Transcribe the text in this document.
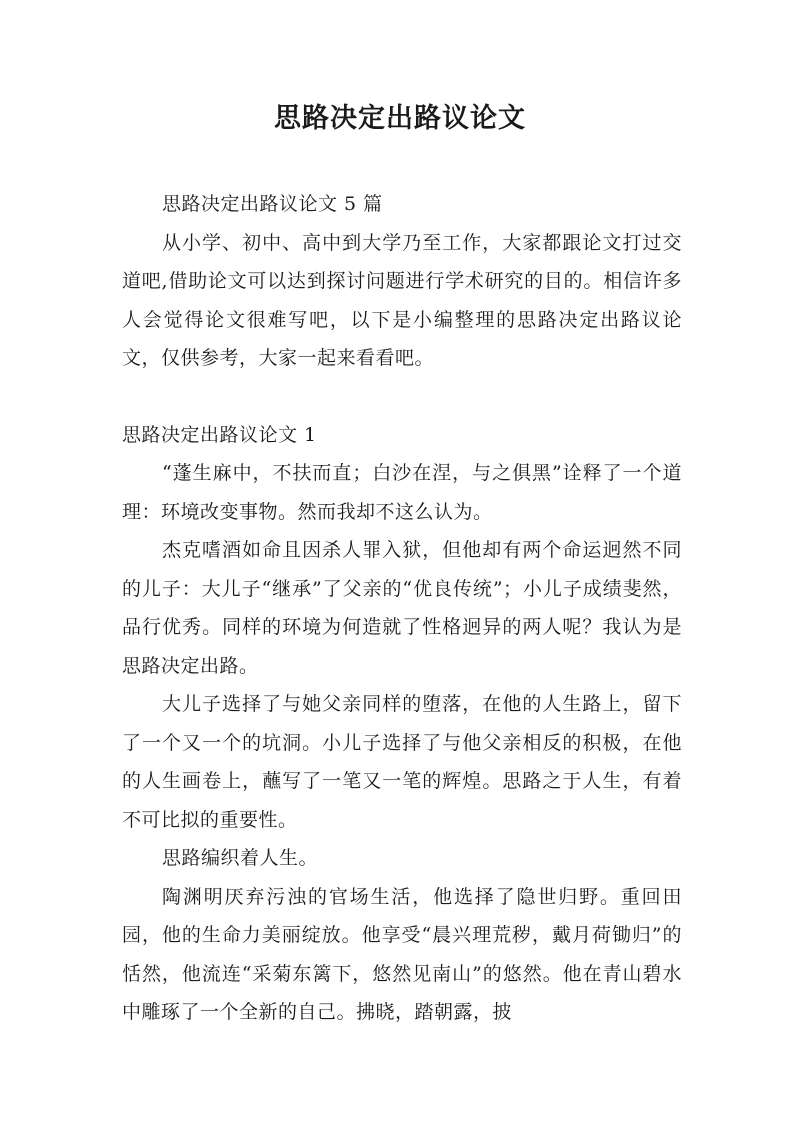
思路决定出路议论文

思路决定出路议论文 5 篇

从小学、初中、高中到大学乃至工作，大家都跟论文打过交道吧,借助论文可以达到探讨问题进行学术研究的目的。相信许多人会觉得论文很难写吧，以下是小编整理的思路决定出路议论文，仅供参考，大家一起来看看吧。

思路决定出路议论文 1

“蓬生麻中，不扶而直；白沙在涅，与之俱黑”诠释了一个道理：环境改变事物。然而我却不这么认为。

杰克嗜酒如命且因杀人罪入狱，但他却有两个命运迥然不同的儿子：大儿子“继承”了父亲的“优良传统”；小儿子成绩斐然，品行优秀。同样的环境为何造就了性格迥异的两人呢？我认为是思路决定出路。

大儿子选择了与她父亲同样的堕落，在他的人生路上，留下了一个又一个的坑洞。小儿子选择了与他父亲相反的积极，在他的人生画卷上，蘸写了一笔又一笔的辉煌。思路之于人生，有着不可比拟的重要性。

思路编织着人生。

陶渊明厌弃污浊的官场生活，他选择了隐世归野。重回田园，他的生命力美丽绽放。他享受“晨兴理荒秽，戴月荷锄归”的恬然，他流连“采菊东篱下，悠然见南山”的悠然。他在青山碧水中雕琢了一个全新的自己。拂晓，踏朝露，披
